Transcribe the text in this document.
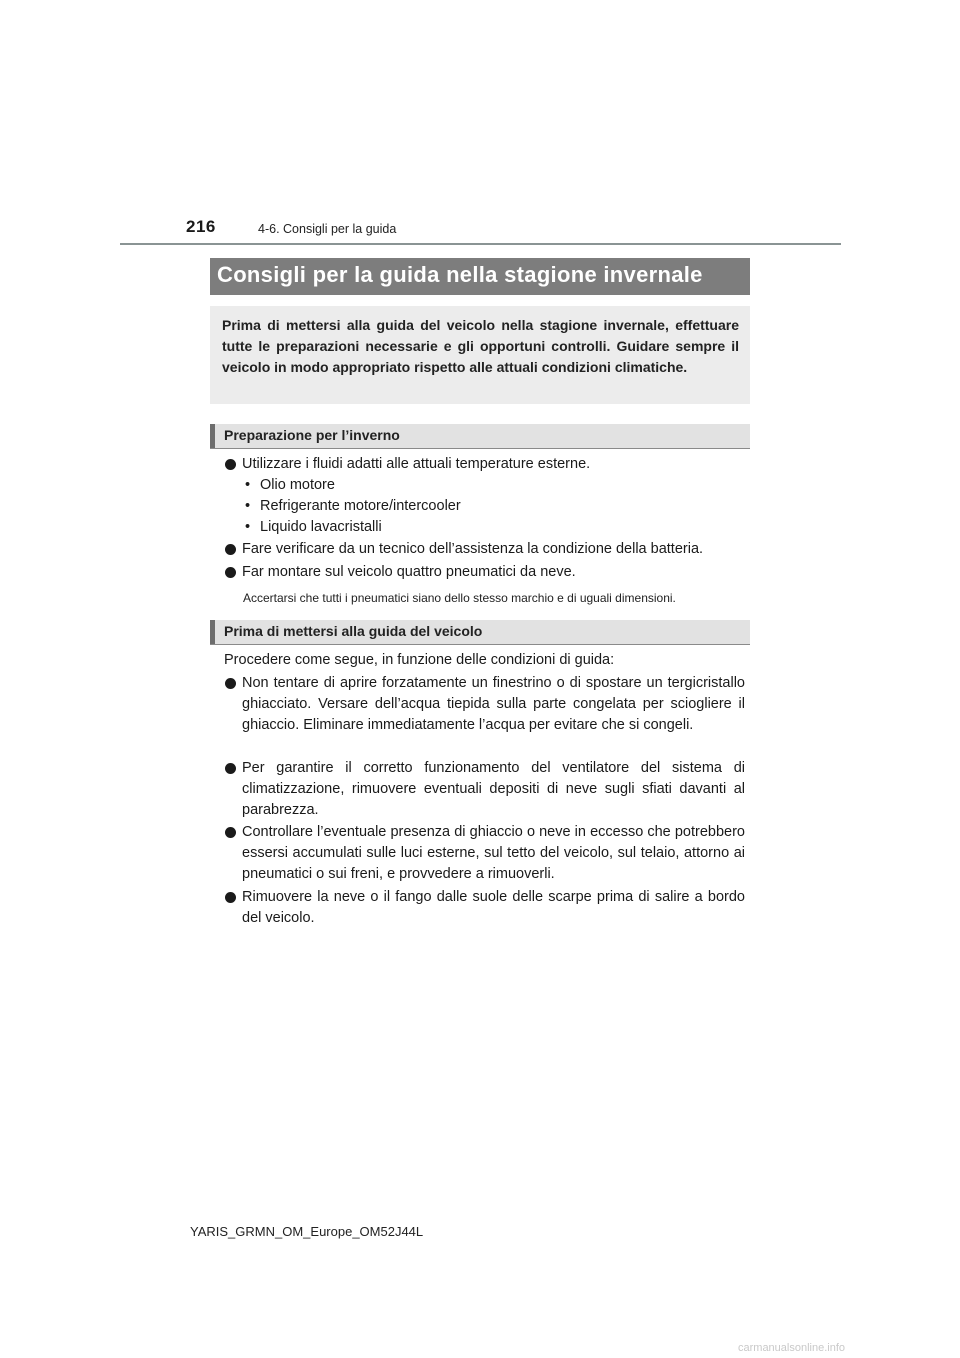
216	4-6. Consigli per la guida
Consigli per la guida nella stagione invernale

Prima di mettersi alla guida del veicolo nella stagione invernale, effettuare tutte le preparazioni necessarie e gli opportuni controlli. Guidare sempre il veicolo in modo appropriato rispetto alle attuali condizioni climatiche.

Preparazione per l’inverno
Utilizzare i fluidi adatti alle attuali temperature esterne.
• Olio motore
• Refrigerante motore/intercooler
• Liquido lavacristalli
Fare verificare da un tecnico dell’assistenza la condizione della batteria.
Far montare sul veicolo quattro pneumatici da neve.
Accertarsi che tutti i pneumatici siano dello stesso marchio e di uguali dimensioni.
Prima di mettersi alla guida del veicolo
Procedere come segue, in funzione delle condizioni di guida:
Non tentare di aprire forzatamente un finestrino o di spostare un tergicristallo ghiacciato. Versare dell’acqua tiepida sulla parte congelata per sciogliere il ghiaccio. Eliminare immediatamente l’acqua per evitare che si congeli.
Per garantire il corretto funzionamento del ventilatore del sistema di climatizzazione, rimuovere eventuali depositi di neve sugli sfiati davanti al parabrezza.
Controllare l’eventuale presenza di ghiaccio o neve in eccesso che potrebbero essersi accumulati sulle luci esterne, sul tetto del veicolo, sul telaio, attorno ai pneumatici o sui freni, e provvedere a rimuoverli.
Rimuovere la neve o il fango dalle suole delle scarpe prima di salire a bordo del veicolo.
YARIS_GRMN_OM_Europe_OM52J44L
carmanualsonline.info
